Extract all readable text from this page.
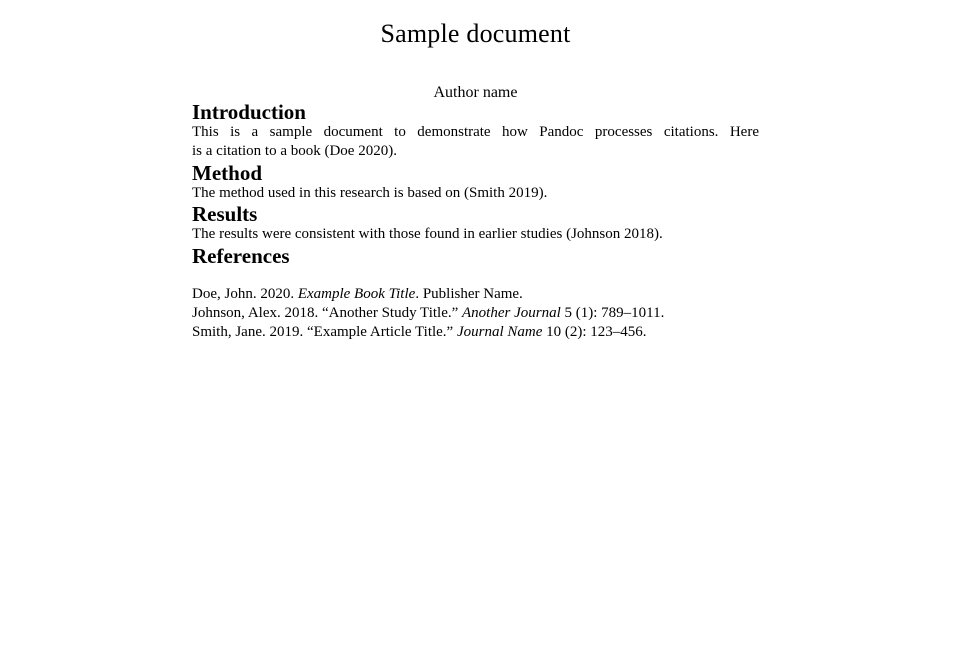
Sample document
Author name
Introduction

This is a sample document to demonstrate how Pandoc processes citations. Here
is a citation to a book (Doe 2020).

Method

The method used in this research is based on (Smith 2019).

Results

The results were consistent with those found in earlier studies (Johnson 2018).

References
Doe, John. 2020. Example Book Title. Publisher Name.
Johnson, Alex. 2018. “Another Study Title.” Another Journal 5 (1): 789–1011.
Smith, Jane. 2019. “Example Article Title.” Journal Name 10 (2): 123–456.
